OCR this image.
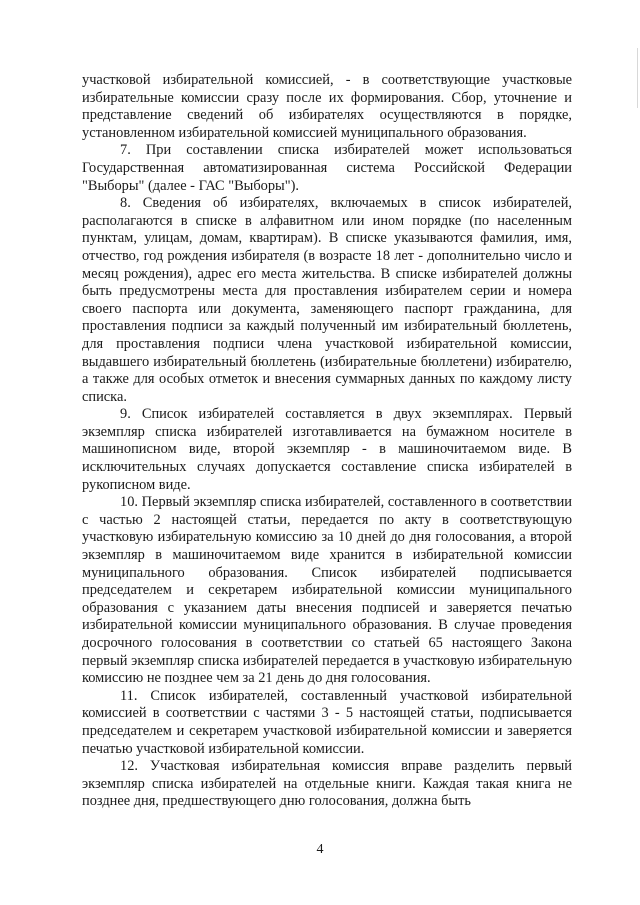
участковой избирательной комиссией, - в соответствующие участковые избирательные комиссии сразу после их формирования. Сбор, уточнение и представление сведений об избирателях осуществляются в порядке, установленном избирательной комиссией муниципального образования.

7. При составлении списка избирателей может использоваться Государственная автоматизированная система Российской Федерации "Выборы" (далее - ГАС "Выборы").

8. Сведения об избирателях, включаемых в список избирателей, располагаются в списке в алфавитном или ином порядке (по населенным пунктам, улицам, домам, квартирам). В списке указываются фамилия, имя, отчество, год рождения избирателя (в возрасте 18 лет - дополнительно число и месяц рождения), адрес его места жительства. В списке избирателей должны быть предусмотрены места для проставления избирателем серии и номера своего паспорта или документа, заменяющего паспорт гражданина, для проставления подписи за каждый полученный им избирательный бюллетень, для проставления подписи члена участковой избирательной комиссии, выдавшего избирательный бюллетень (избирательные бюллетени) избирателю, а также для особых отметок и внесения суммарных данных по каждому листу списка.

9. Список избирателей составляется в двух экземплярах. Первый экземпляр списка избирателей изготавливается на бумажном носителе в машинописном виде, второй экземпляр - в машиночитаемом виде. В исключительных случаях допускается составление списка избирателей в рукописном виде.

10. Первый экземпляр списка избирателей, составленного в соответствии с частью 2 настоящей статьи, передается по акту в соответствующую участковую избирательную комиссию за 10 дней до дня голосования, а второй экземпляр в машиночитаемом виде хранится в избирательной комиссии муниципального образования. Список избирателей подписывается председателем и секретарем избирательной комиссии муниципального образования с указанием даты внесения подписей и заверяется печатью избирательной комиссии муниципального образования. В случае проведения досрочного голосования в соответствии со статьей 65 настоящего Закона первый экземпляр списка избирателей передается в участковую избирательную комиссию не позднее чем за 21 день до дня голосования.

11. Список избирателей, составленный участковой избирательной комиссией в соответствии с частями 3 - 5 настоящей статьи, подписывается председателем и секретарем участковой избирательной комиссии и заверяется печатью участковой избирательной комиссии.

12. Участковая избирательная комиссия вправе разделить первый экземпляр списка избирателей на отдельные книги. Каждая такая книга не позднее дня, предшествующего дню голосования, должна быть

4
